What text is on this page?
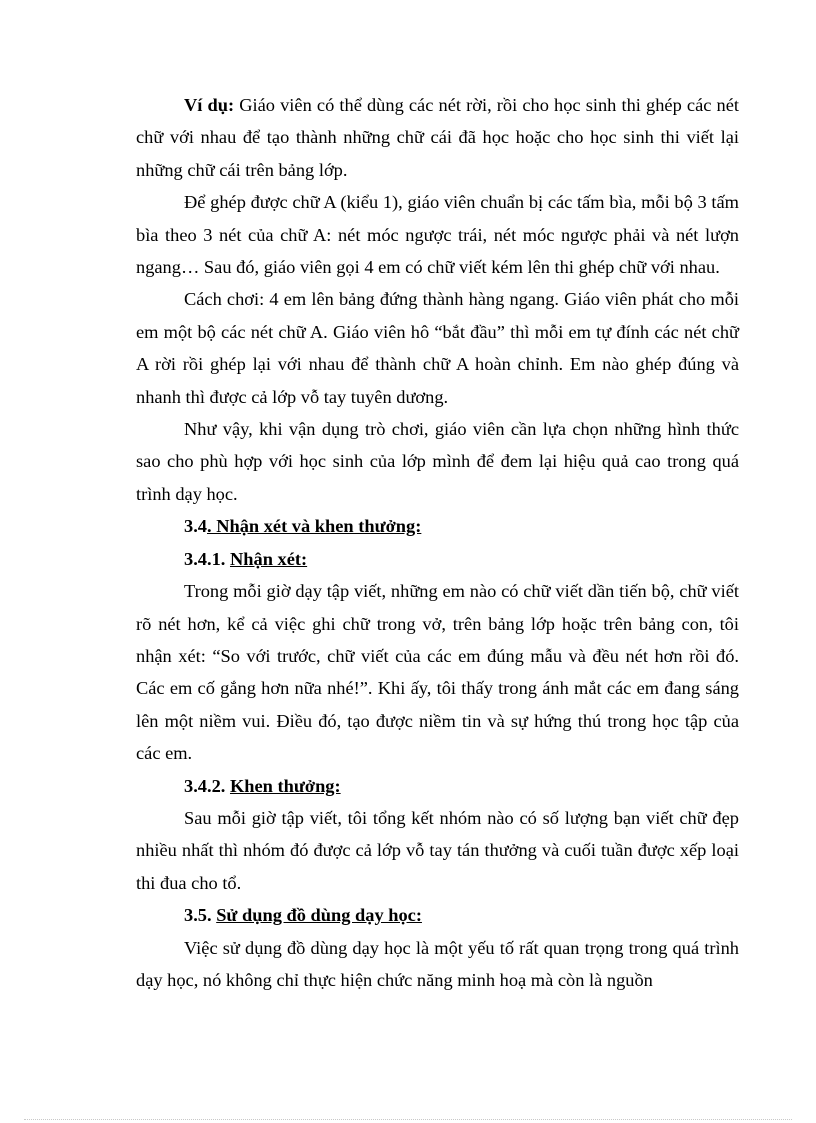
Ví dụ: Giáo viên có thể dùng các nét rời, rồi cho học sinh thi ghép các nét chữ với nhau để tạo thành những chữ cái đã học hoặc cho học sinh thi viết lại những chữ cái trên bảng lớp.

Để ghép được chữ A (kiểu 1), giáo viên chuẩn bị các tấm bìa, mỗi bộ 3 tấm bìa theo 3 nét của chữ A: nét móc ngược trái, nét móc ngược phải và nét lượn ngang… Sau đó, giáo viên gọi 4 em có chữ viết kém lên thi ghép chữ với nhau.

Cách chơi: 4 em lên bảng đứng thành hàng ngang. Giáo viên phát cho mỗi em một bộ các nét chữ A. Giáo viên hô “bắt đầu” thì mỗi em tự đính các nét chữ A rời rồi ghép lại với nhau để thành chữ A hoàn chỉnh. Em nào ghép đúng và nhanh thì được cả lớp vỗ tay tuyên dương.

Như vậy, khi vận dụng trò chơi, giáo viên cần lựa chọn những hình thức sao cho phù hợp với học sinh của lớp mình để đem lại hiệu quả cao trong quá trình dạy học.

3.4. Nhận xét và khen thưởng:

3.4.1. Nhận xét:

Trong mỗi giờ dạy tập viết, những em nào có chữ viết dần tiến bộ, chữ viết rõ nét hơn, kể cả việc ghi chữ trong vở, trên bảng lớp hoặc trên bảng con, tôi nhận xét: “So với trước, chữ viết của các em đúng mẫu và đều nét hơn rồi đó. Các em cố gắng hơn nữa nhé!”. Khi ấy, tôi thấy trong ánh mắt các em đang sáng lên một niềm vui. Điều đó, tạo được niềm tin và sự hứng thú trong học tập của các em.

3.4.2. Khen thưởng:

Sau mỗi giờ tập viết, tôi tổng kết nhóm nào có số lượng bạn viết chữ đẹp nhiều nhất thì nhóm đó được cả lớp vỗ tay tán thưởng và cuối tuần được xếp loại thi đua cho tổ.

3.5. Sử dụng đồ dùng dạy học:

Việc sử dụng đồ dùng dạy học là một yếu tố rất quan trọng trong quá trình dạy học, nó không chỉ thực hiện chức năng minh hoạ mà còn là nguồn
